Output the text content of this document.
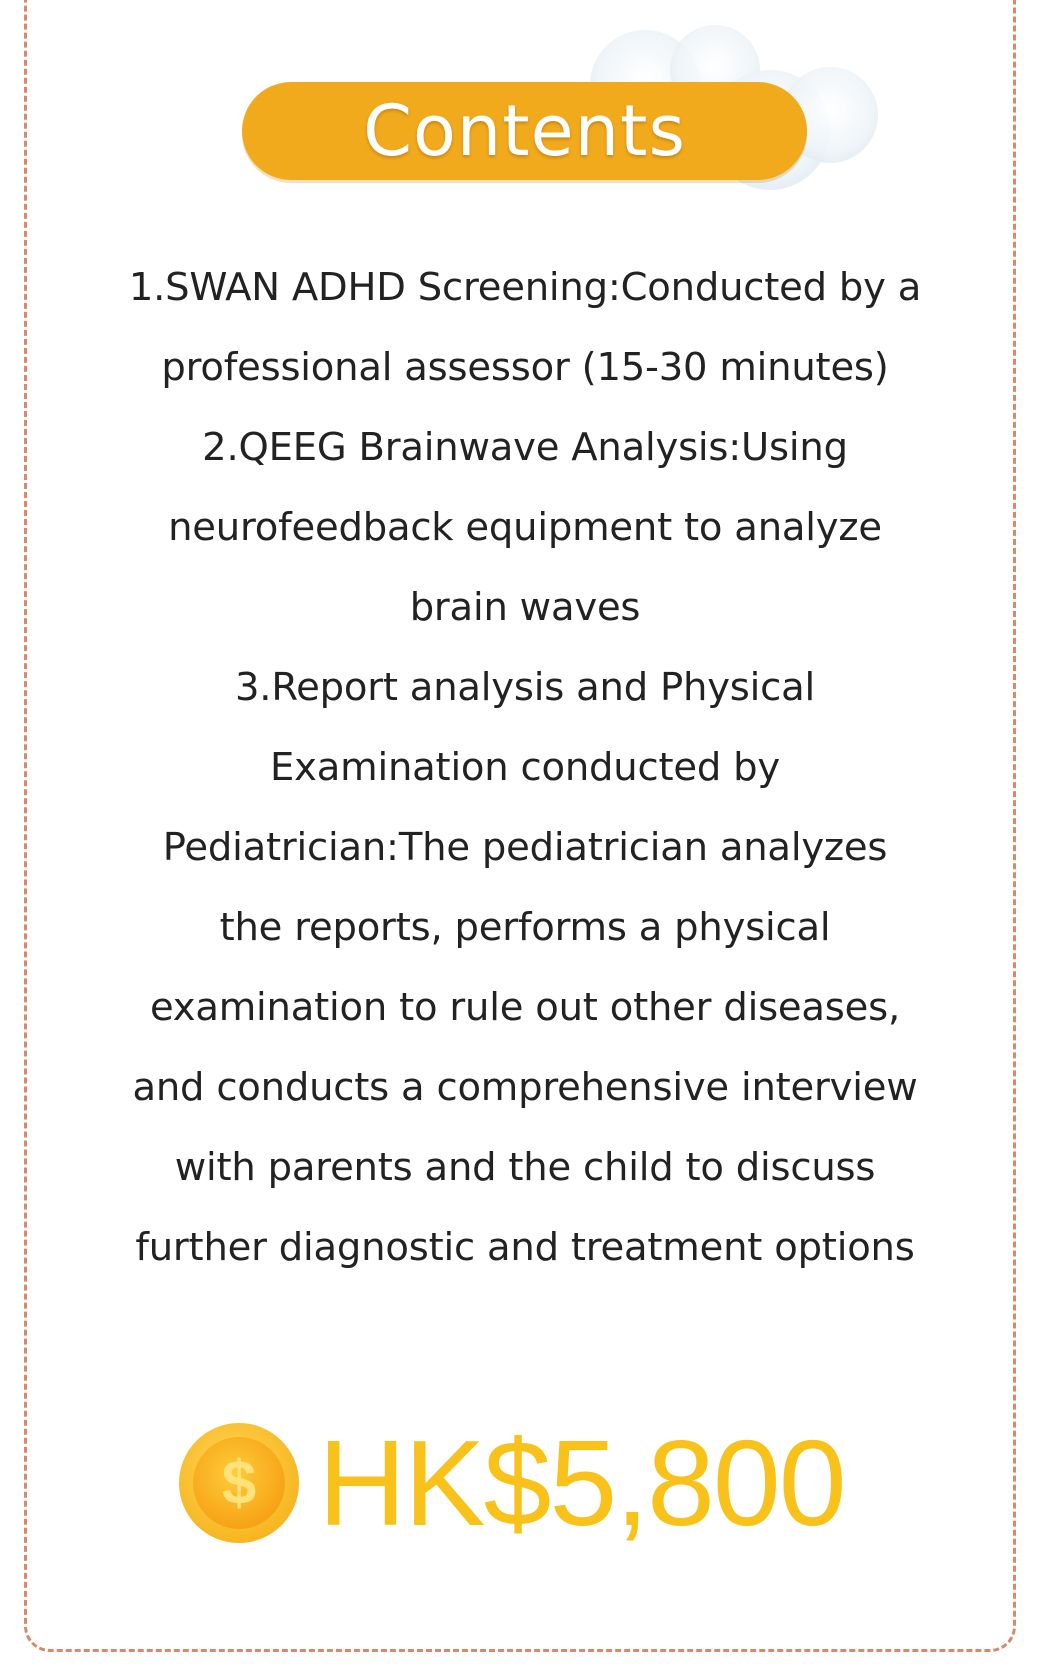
Contents
1.SWAN ADHD Screening:Conducted by a
professional assessor (15-30 minutes)
2.QEEG Brainwave Analysis:Using
neurofeedback equipment to analyze
brain waves
3.Report analysis and Physical
Examination conducted by
Pediatrician:The pediatrician analyzes
the reports, performs a physical
examination to rule out other diseases,
and conducts a comprehensive interview
with parents and the child to discuss
further diagnostic and treatment options
$ HK$5,800
